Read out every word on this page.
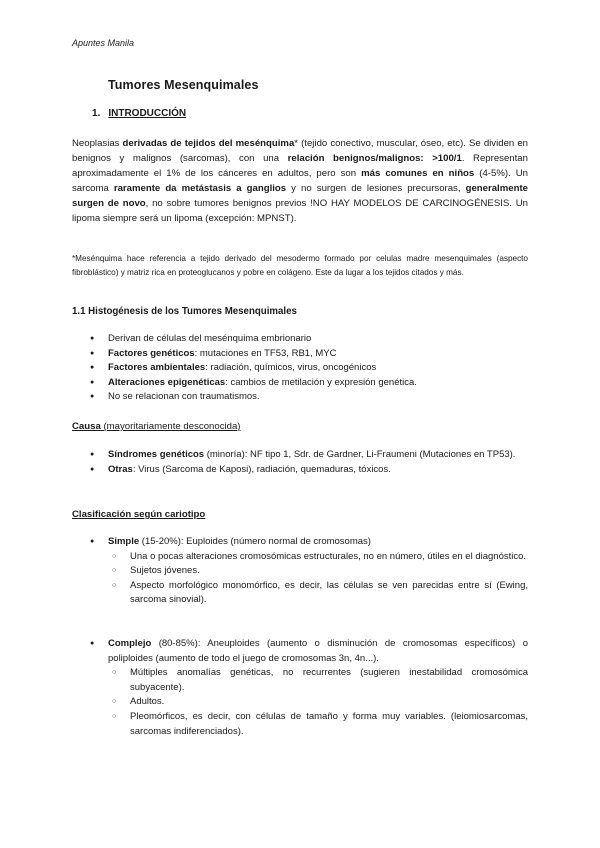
Apuntes Manila
Tumores Mesenquimales
1. INTRODUCCIÓN
Neoplasias derivadas de tejidos del mesénquima* (tejido conectivo, muscular, óseo, etc). Se dividen en benignos y malignos (sarcomas), con una relación benignos/malignos: >100/1. Representan aproximadamente el 1% de los cánceres en adultos, pero son más comunes en niños (4-5%). Un sarcoma raramente da metástasis a ganglios y no surgen de lesiones precursoras, generalmente surgen de novo, no sobre tumores benignos previos !NO HAY MODELOS DE CARCINOGÉNESIS. Un lipoma siempre será un lipoma (excepción: MPNST).
*Mesénquima hace referencia a tejido derivado del mesodermo formado por celulas madre mesenquimales (aspecto fibroblástico) y matriz rica en proteoglucanos y pobre en colágeno. Este da lugar a los tejidos citados y más.
1.1 Histogénesis de los Tumores Mesenquimales
● Derivan de células del mesénquima embrionario
● Factores genéticos: mutaciones en TF53, RB1, MYC
● Factores ambientales: radiación, químicos, virus, oncogénicos
● Alteraciones epigenéticas: cambios de metilación y expresión genética.
● No se relacionan con traumatismos.
Causa (mayoritariamente desconocida)
● Síndromes genéticos (minoría): NF tipo 1, Sdr. de Gardner, Li-Fraumeni (Mutaciones en TP53).
● Otras: Virus (Sarcoma de Kaposi), radiación, quemaduras, tóxicos.
Clasificación según cariotipo
● Simple (15-20%): Euploides (número normal de cromosomas)
○ Una o pocas alteraciones cromosómicas estructurales, no en número, útiles en el diagnóstico.
○ Sujetos jóvenes.
○ Aspecto morfológico monomórfico, es decir, las células se ven parecidas entre sí (Ewing, sarcoma sinovial).
● Complejo (80-85%): Aneuploides (aumento o disminución de cromosomas específicos) o poliploides (aumento de todo el juego de cromosomas 3n, 4n...).
○ Múltiples anomalías genéticas, no recurrentes (sugieren inestabilidad cromosómica subyacente).
○ Adultos.
○ Pleomórficos, es decir, con células de tamaño y forma muy variables. (leiomiosarcomas, sarcomas indiferenciados).
